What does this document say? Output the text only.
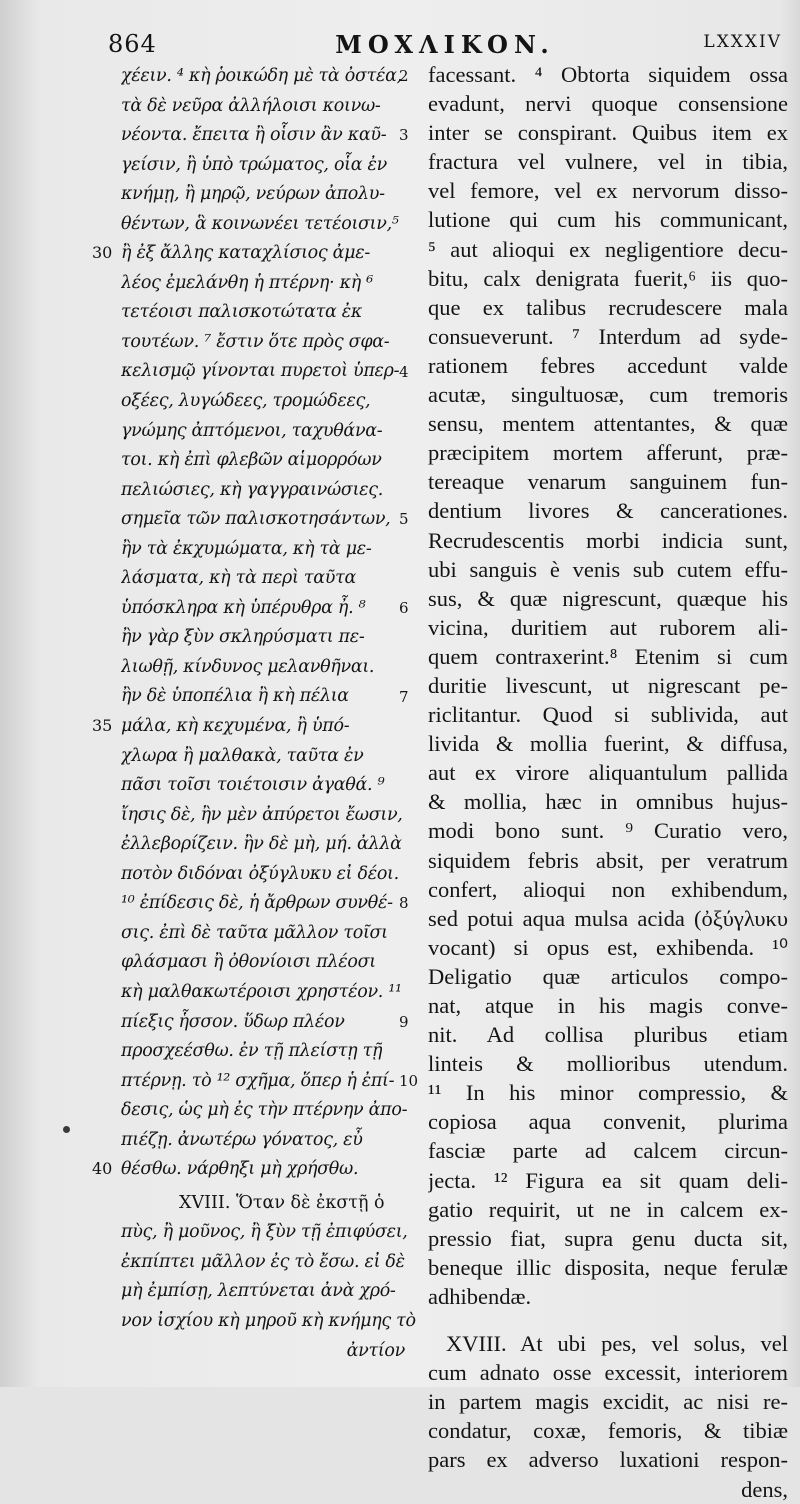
864	MOXΛIKON.	LXXXIV
χέειν. ⁴ κὴ ῥοικώδη μὲ τὰ ὀστέα,
τὰ δὲ νεῦρα ἀλλήλοισι κοινω-
νέοντα. ἔπειτα ἢ οἷσιν ἂν καῦ-
γείσιν, ἢ ὑπὸ τρώματος, οἷα ἐν
κνήμῃ, ἢ μηρῷ, νεύρων ἀπολυ-
θέντων, ἃ κοινωνέει τετέοισιν,⁵
ἢ ἐξ ἄλλης καταχλίσιος ἀμε-
λέος ἐμελάνθη ἡ πτέρνη· κὴ ⁶
τετέοισι παλισκοτώτατα ἐκ
τουτέων. ⁷ ἔστιν ὅτε πρὸς σφα-
κελισμῷ γίνονται πυρετοὶ ὑπερ-
οξέες, λυγώδεες, τρομώδεες,
γνώμης ἀπτόμενοι, ταχυθάνα-
τοι. κὴ ἐπὶ φλεβῶν αἱμορρόων
πελιώσιες, κὴ γαγγραινώσιες.
σημεῖα τῶν παλισκοτησάντων,
ἢν τὰ ἐκχυμώματα, κὴ τὰ με-
λάσματα, κὴ τὰ περὶ ταῦτα
ὑπόσκληρα κὴ ὑπέρυθρα ἦ. ⁸
ἢν γὰρ ξὺν σκληρύσματι πε-
λιωθῇ, κίνδυνος μελανθῆναι.
ἢν δὲ ὑποπέλια ἢ κὴ πέλια
μάλα, κὴ κεχυμένα, ἢ ὑπό-
χλωρα ἢ μαλθακὰ, ταῦτα ἐν
πᾶσι τοῖσι τοιέτοισιν ἀγαθά. ⁹
ἴησις δὲ, ἢν μὲν ἀπύρετοι ἔωσιν,
ἐλλεβορίζειν. ἢν δὲ μὴ, μή. ἀλλὰ
ποτὸν διδόναι ὀξύγλυκυ εἰ δέοι.
¹⁰ ἐπίδεσις δὲ, ἡ ἄρθρων συνθέ-
σις. ἐπὶ δὲ ταῦτα μᾶλλον τοῖσι
φλάσμασι ἢ ὀθονίοισι πλέοσι
κὴ μαλθακωτέροισι χρηστέον. ¹¹
πίεξις ἧσσον. ὕδωρ πλέον
προσχεέσθω. ἐν τῇ πλείστῃ τῇ
πτέρνῃ. τὸ ¹² σχῆμα, ὅπερ ἡ ἐπί-
δεσις, ὡς μὴ ἐς τὴν πτέρνην ἀπο-
πιέζῃ. ἀνωτέρω γόνατος, εὖ
θέσθω. νάρθηξι μὴ χρήσθω.
ΧVIII. Ὅταν δὲ ἐκστῇ ὁ
πὺς, ἢ μοῦνος, ἢ ξὺν τῇ ἐπιφύσει,
ἐκπίπτει μᾶλλον ἐς τὸ ἔσω. εἰ δὲ
μὴ ἐμπίσῃ, λεπτύνεται ἀνὰ χρό-
νον ἰσχίου κὴ μηροῦ κὴ κνήμης τὸ
ἀντίον
facessant. ⁴ Obtorta siquidem ossa
evadunt, nervi quoque consensione
inter se conspirant. Quibus item ex
fractura vel vulnere, vel in tibia,
vel femore, vel ex nervorum disso-
lutione qui cum his communicant,
⁵ aut alioqui ex negligentiore decu-
bitu, calx denigrata fuerit,⁶ iis quo-
que ex talibus recrudescere mala
consueverunt. ⁷ Interdum ad syde-
rationem febres accedunt valde
acutæ, singultuosæ, cum tremoris
sensu, mentem attentantes, & quæ
præcipitem mortem afferunt, præ-
tereaque venarum sanguinem fun-
dentium livores & cancerationes.
Recrudescentis morbi indicia sunt,
ubi sanguis è venis sub cutem effu-
sus, & quæ nigrescunt, quæque his
vicina, duritiem aut ruborem ali-
quem contraxerint.⁸ Etenim si cum
duritie livescunt, ut nigrescant pe-
riclitantur. Quod si sublivida, aut
livida & mollia fuerint, & diffusa,
aut ex virore aliquantulum pallida
& mollia, hæc in omnibus hujus-
modi bono sunt. ⁹ Curatio vero,
siquidem febris absit, per veratrum
confert, alioqui non exhibendum,
sed potui aqua mulsa acida (ὀξύγλυκυ
vocant) si opus est, exhibenda. ¹⁰
Deligatio quæ articulos compo-
nat, atque in his magis conve-
nit. Ad collisa pluribus etiam
linteis & mollioribus utendum.
¹¹ In his minor compressio, &
copiosa aqua convenit, plurima
fasciæ parte ad calcem circun-
jecta. ¹² Figura ea sit quam deli-
gatio requirit, ut ne in calcem ex-
pressio fiat, supra genu ducta sit,
beneque illic disposita, neque ferulæ
adhibendæ.
XVIII. At ubi pes, vel solus, vel
cum adnato osse excessit, interiorem
in partem magis excidit, ac nisi re-
condatur, coxæ, femoris, & tibiæ
pars ex adverso luxationi respon-
dens,
30
35
40
2
3
4
5
6
7
8
9
10
